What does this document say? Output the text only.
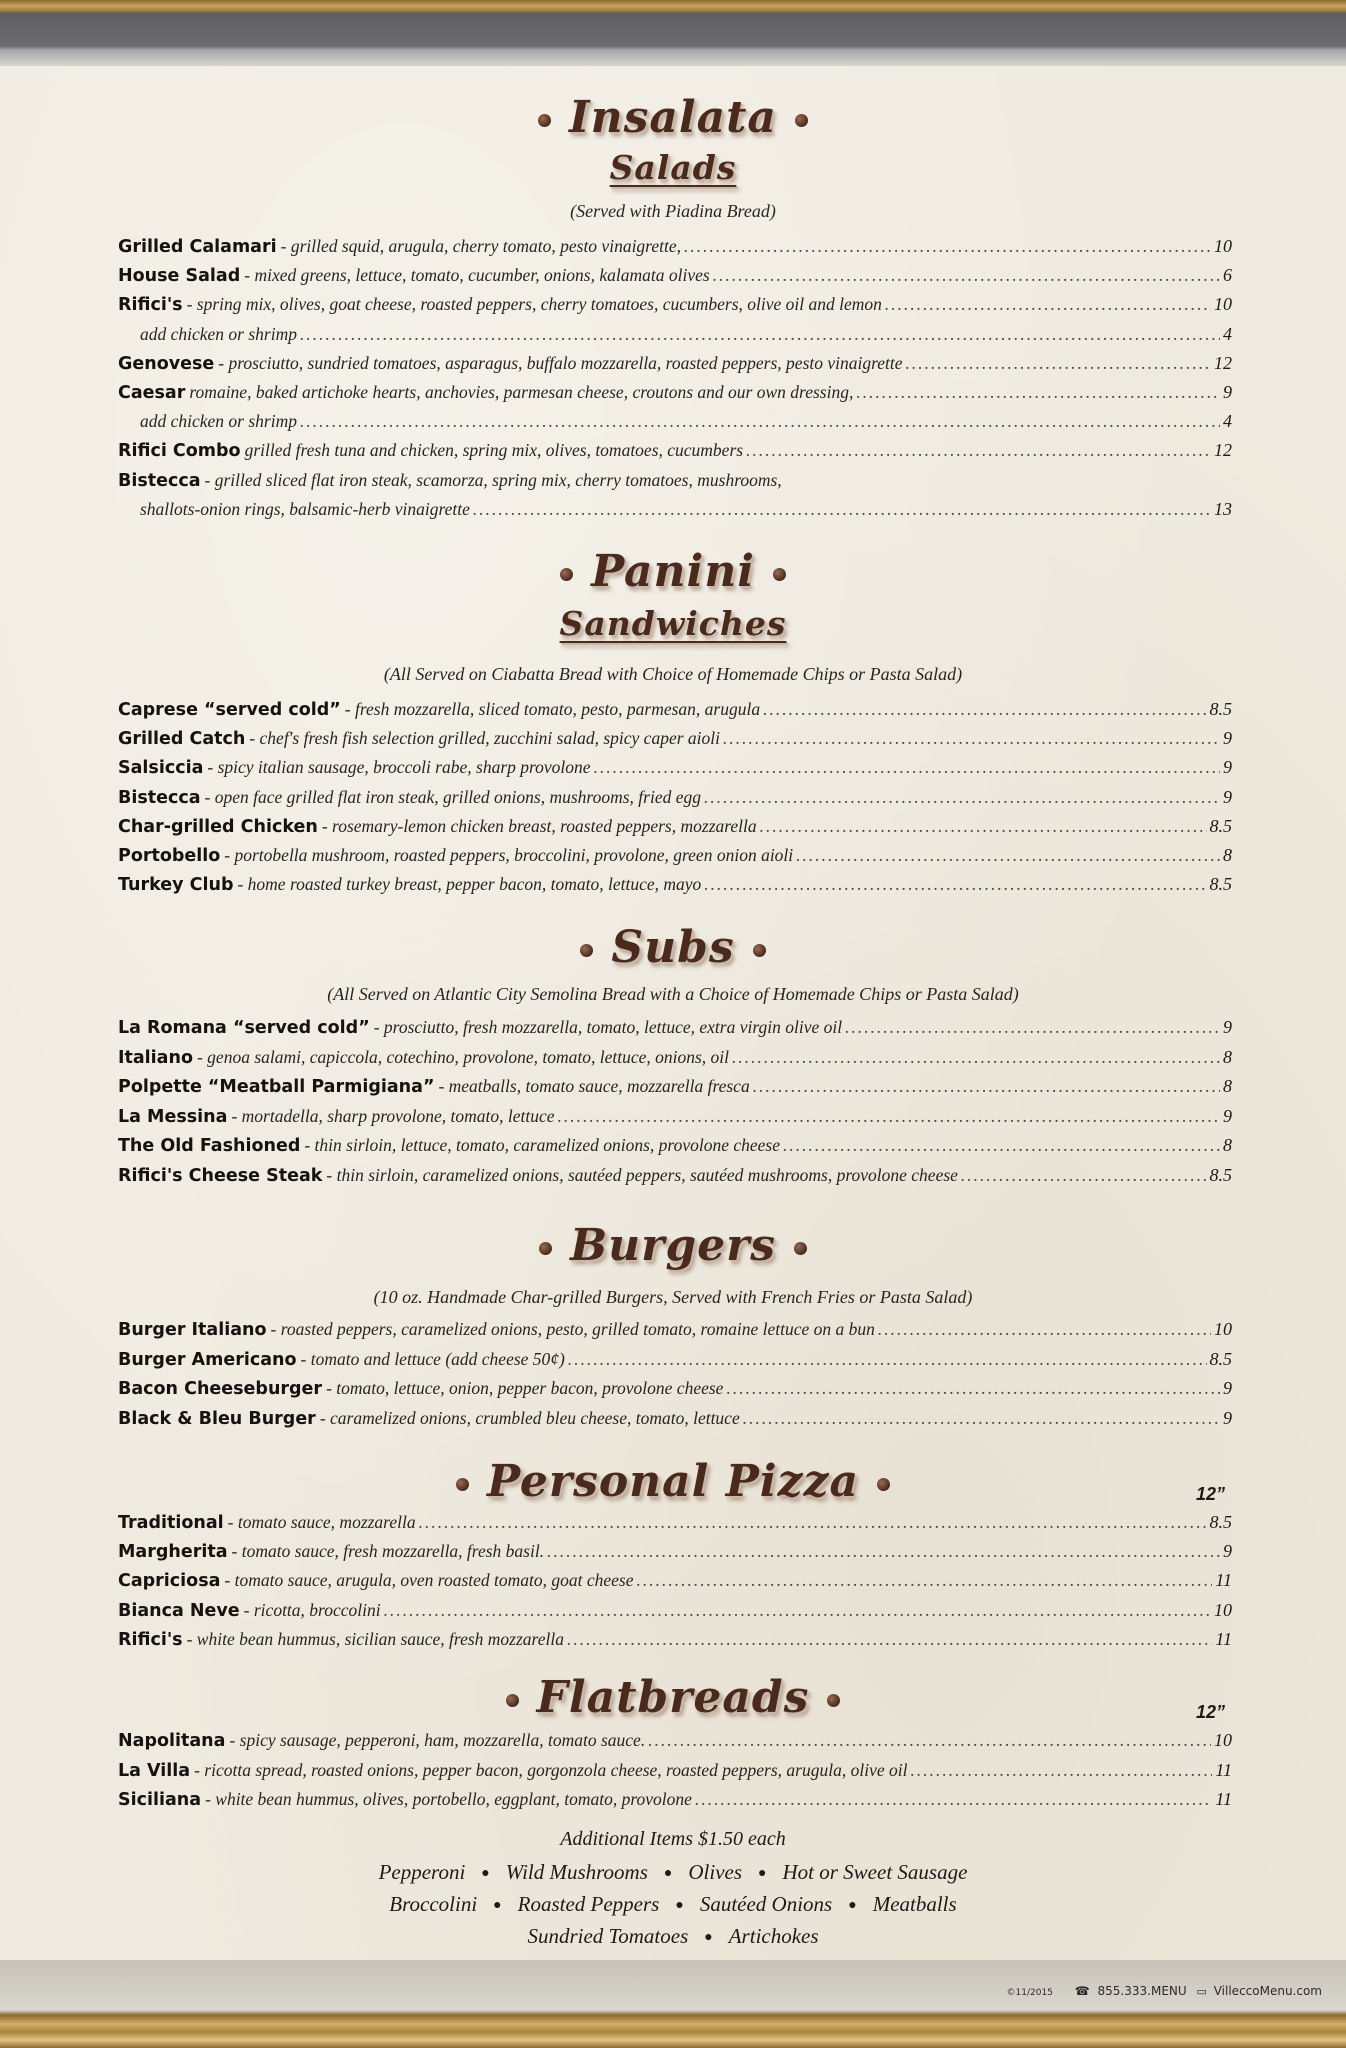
Insalata
Salads
(Served with Piadina Bread)
Panini
Sandwiches
(All Served on Ciabatta Bread with Choice of Homemade Chips or Pasta Salad)
Subs
(All Served on Atlantic City Semolina Bread with a Choice of Homemade Chips or Pasta Salad)
Burgers
(10 oz. Handmade Char-grilled Burgers, Served with French Fries or Pasta Salad)
Personal Pizza	12”
Flatbreads	12”
Additional Items $1.50 each
Pepperoni ● Wild Mushrooms ● Olives ● Hot or Sweet Sausage
Broccolini ● Roasted Peppers ● Sautéed Onions ● Meatballs
Sundried Tomatoes ● Artichokes
©11/2015 ☎ 855.333.MENU ▭ VilleccoMenu.com
Grilled Calamari - grilled squid, arugula, cherry tomato, pesto vinaigrette, .....	10
House Salad - mixed greens, lettuce, tomato, cucumber, onions, kalamata olives .....	6
Rifici's - spring mix, olives, goat cheese, roasted peppers, cherry tomatoes, cucumbers, olive oil and lemon .....	10
add chicken or shrimp .....	4
Genovese - prosciutto, sundried tomatoes, asparagus, buffalo mozzarella, roasted peppers, pesto vinaigrette .....	12
Caesar romaine, baked artichoke hearts, anchovies, parmesan cheese, croutons and our own dressing, .....	9
add chicken or shrimp .....	4
Rifici Combo grilled fresh tuna and chicken, spring mix, olives, tomatoes, cucumbers .....	12
Bistecca - grilled sliced flat iron steak, scamorza, spring mix, cherry tomatoes, mushrooms,
shallots-onion rings, balsamic-herb vinaigrette .....	13
Caprese “served cold” - fresh mozzarella, sliced tomato, pesto, parmesan, arugula .....	8.5
Grilled Catch - chef's fresh fish selection grilled, zucchini salad, spicy caper aioli .....	9
Salsiccia - spicy italian sausage, broccoli rabe, sharp provolone .....	9
Bistecca - open face grilled flat iron steak, grilled onions, mushrooms, fried egg .....	9
Char-grilled Chicken - rosemary-lemon chicken breast, roasted peppers, mozzarella .....	8.5
Portobello - portobella mushroom, roasted peppers, broccolini, provolone, green onion aioli .....	8
Turkey Club - home roasted turkey breast, pepper bacon, tomato, lettuce, mayo .....	8.5
La Romana “served cold” - prosciutto, fresh mozzarella, tomato, lettuce, extra virgin olive oil .....	9
Italiano - genoa salami, capiccola, cotechino, provolone, tomato, lettuce, onions, oil .....	8
Polpette “Meatball Parmigiana” - meatballs, tomato sauce, mozzarella fresca .....	8
La Messina - mortadella, sharp provolone, tomato, lettuce .....	9
The Old Fashioned - thin sirloin, lettuce, tomato, caramelized onions, provolone cheese .....	8
Rifici's Cheese Steak - thin sirloin, caramelized onions, sautéed peppers, sautéed mushrooms, provolone cheese .....	8.5
Burger Italiano - roasted peppers, caramelized onions, pesto, grilled tomato, romaine lettuce on a bun .....	10
Burger Americano - tomato and lettuce (add cheese 50¢) .....	8.5
Bacon Cheeseburger - tomato, lettuce, onion, pepper bacon, provolone cheese .....	9
Black & Bleu Burger - caramelized onions, crumbled bleu cheese, tomato, lettuce .....	9
Traditional - tomato sauce, mozzarella .....	8.5
Margherita - tomato sauce, fresh mozzarella, fresh basil. .....	9
Capriciosa - tomato sauce, arugula, oven roasted tomato, goat cheese .....	11
Bianca Neve - ricotta, broccolini .....	10
Rifici's - white bean hummus, sicilian sauce, fresh mozzarella .....	11
Napolitana - spicy sausage, pepperoni, ham, mozzarella, tomato sauce. .....	10
La Villa - ricotta spread, roasted onions, pepper bacon, gorgonzola cheese, roasted peppers, arugula, olive oil .....	11
Siciliana - white bean hummus, olives, portobello, eggplant, tomato, provolone .....	11
